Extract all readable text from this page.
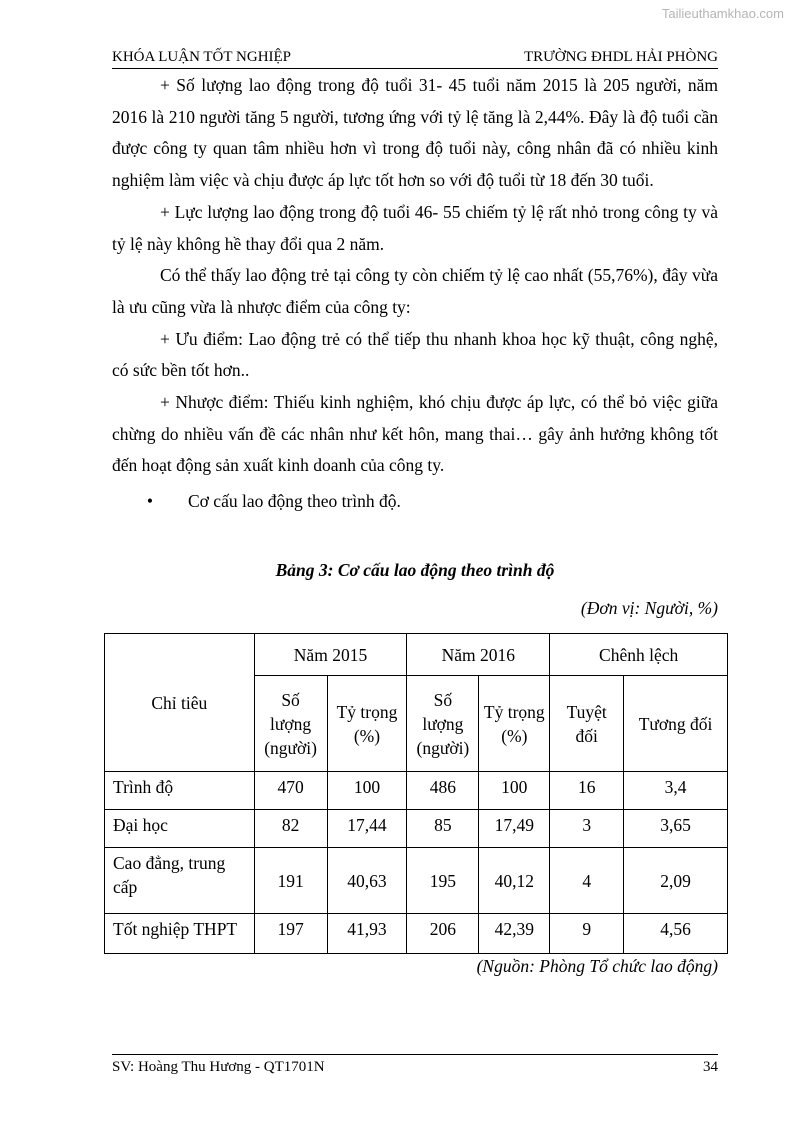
Tailieuthamkhao.com
KHÓA LUẬN TỐT NGHIỆP	TRƯỜNG ĐHDL HẢI PHÒNG

+ Số lượng lao động trong độ tuổi 31- 45 tuổi năm 2015 là 205 người, năm 2016 là 210 người tăng 5 người, tương ứng với tỷ lệ tăng là 2,44%. Đây là độ tuổi cần được công ty quan tâm nhiều hơn vì trong độ tuổi này, công nhân đã có nhiều kinh nghiệm làm việc và chịu được áp lực tốt hơn so với độ tuổi từ 18 đến 30 tuổi.

+ Lực lượng lao động trong độ tuổi 46- 55 chiếm tỷ lệ rất nhỏ trong công ty và tỷ lệ này không hề thay đổi qua 2 năm.

Có thể thấy lao động trẻ tại công ty còn chiếm tỷ lệ cao nhất (55,76%), đây vừa là ưu cũng vừa là nhược điểm của công ty:

+ Ưu điểm: Lao động trẻ có thể tiếp thu nhanh khoa học kỹ thuật, công nghệ, có sức bền tốt hơn..

+ Nhược điểm: Thiếu kinh nghiệm, khó chịu được áp lực, có thể bỏ việc giữa chừng do nhiều vấn đề các nhân như kết hôn, mang thai… gây ảnh hưởng không tốt đến hoạt động sản xuất kinh doanh của công ty.

•	Cơ cấu lao động theo trình độ.
Bảng 3: Cơ cấu lao động theo trình độ
(Đơn vị: Người, %)
Chỉ tiêu	Năm 2015		Năm 2016		Chênh lệch	
	Số lượng (người)	Tỷ trọng (%)	Số lượng (người)	Tỷ trọng (%)	Tuyệt đối	Tương đối
Trình độ	470	100	486	100	16	3,4
Đại học	82	17,44	85	17,49	3	3,65
Cao đẳng, trung cấp	191	40,63	195	40,12	4	2,09
Tốt nghiệp THPT	197	41,93	206	42,39	9	4,56
(Nguồn: Phòng Tổ chức lao động)
SV: Hoàng Thu Hương - QT1701N	34
